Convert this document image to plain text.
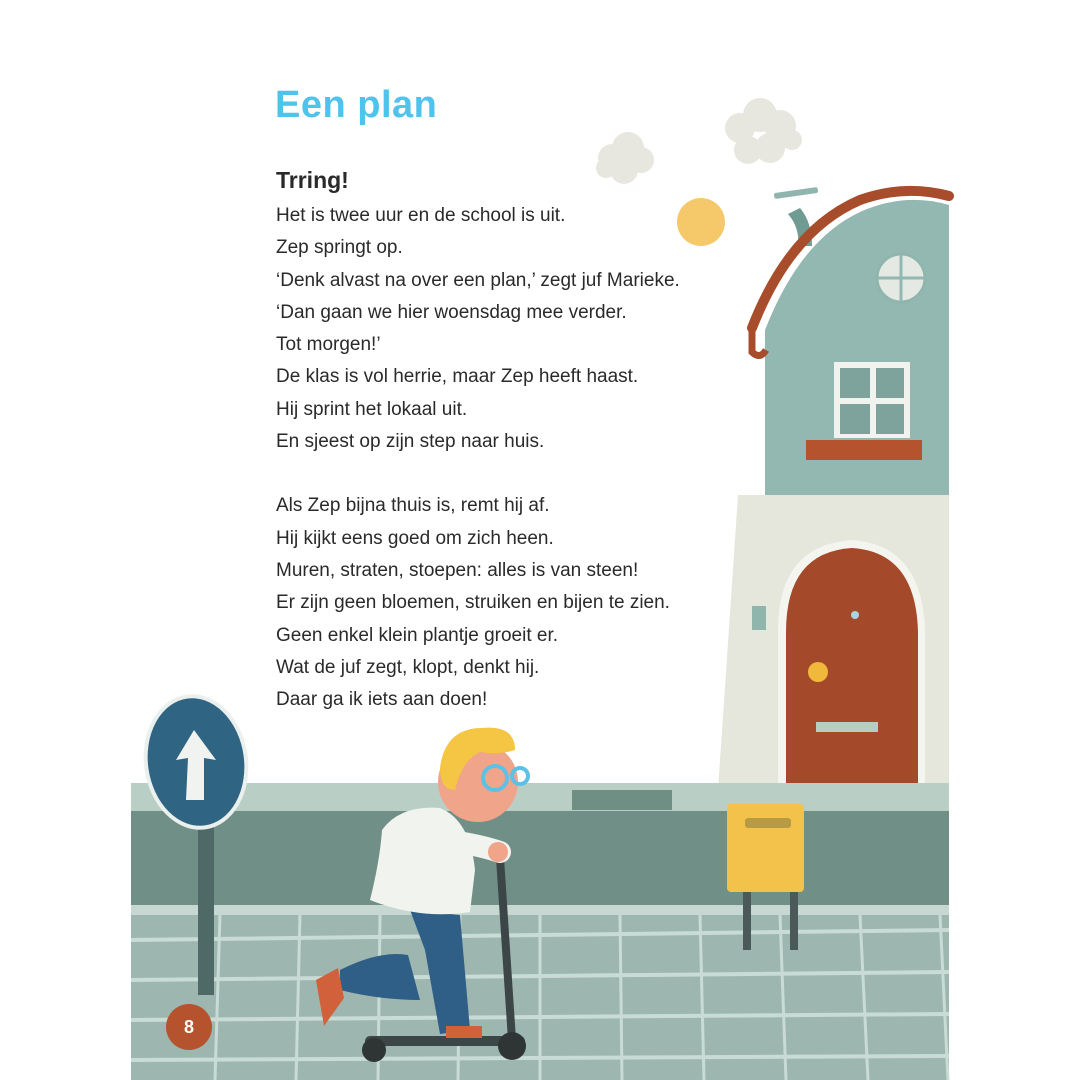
Een plan
Trring!
Het is twee uur en de school is uit.
Zep springt op.
‘Denk alvast na over een plan,’ zegt juf Marieke.
‘Dan gaan we hier woensdag mee verder.
Tot morgen!’
De klas is vol herrie, maar Zep heeft haast.
Hij sprint het lokaal uit.
En sjeest op zijn step naar huis.
Als Zep bijna thuis is, remt hij af.
Hij kijkt eens goed om zich heen.
Muren, straten, stoepen: alles is van steen!
Er zijn geen bloemen, struiken en bijen te zien.
Geen enkel klein plantje groeit er.
Wat de juf zegt, klopt, denkt hij.
Daar ga ik iets aan doen!
8
